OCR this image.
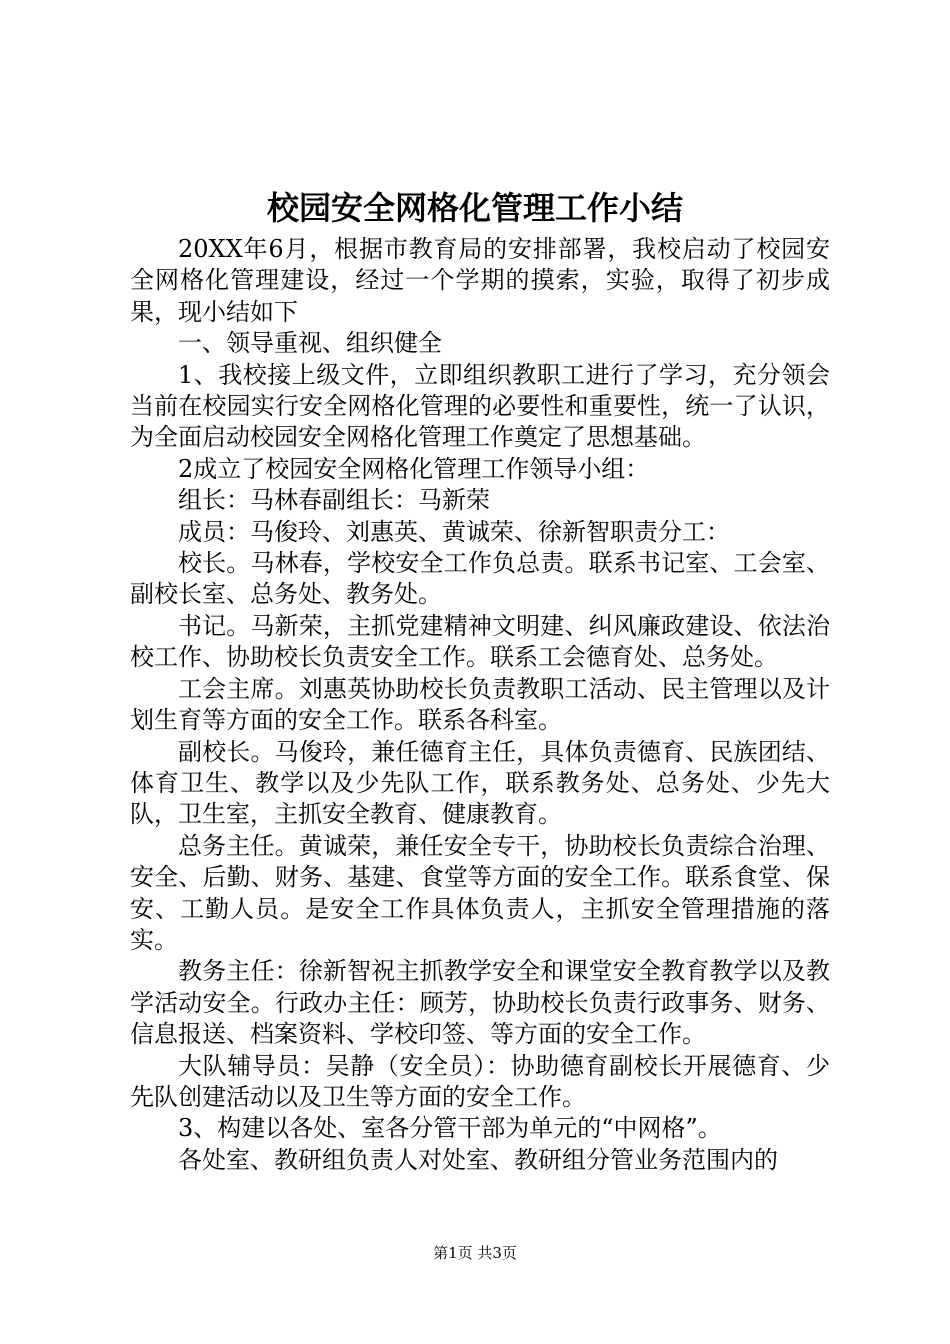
校园安全网格化管理工作小结

20XX年6月，根据市教育局的安排部署，我校启动了校园安全网格化管理建设，经过一个学期的摸索，实验，取得了初步成果，现小结如下

一、领导重视、组织健全

1、我校接上级文件，立即组织教职工进行了学习，充分领会当前在校园实行安全网格化管理的必要性和重要性，统一了认识，为全面启动校园安全网格化管理工作奠定了思想基础。

2成立了校园安全网格化管理工作领导小组：

组长：马林春副组长：马新荣

成员：马俊玲、刘惠英、黄诚荣、徐新智职责分工：

校长。马林春，学校安全工作负总责。联系书记室、工会室、副校长室、总务处、教务处。

书记。马新荣，主抓党建精神文明建、纠风廉政建设、依法治校工作、协助校长负责安全工作。联系工会德育处、总务处。

工会主席。刘惠英协助校长负责教职工活动、民主管理以及计划生育等方面的安全工作。联系各科室。

副校长。马俊玲，兼任德育主任，具体负责德育、民族团结、体育卫生、教学以及少先队工作，联系教务处、总务处、少先大队，卫生室，主抓安全教育、健康教育。

总务主任。黄诚荣，兼任安全专干，协助校长负责综合治理、安全、后勤、财务、基建、食堂等方面的安全工作。联系食堂、保安、工勤人员。是安全工作具体负责人，主抓安全管理措施的落实。

教务主任：徐新智祝主抓教学安全和课堂安全教育教学以及教学活动安全。行政办主任：顾芳，协助校长负责行政事务、财务、信息报送、档案资料、学校印签、等方面的安全工作。

大队辅导员：吴静（安全员）：协助德育副校长开展德育、少先队创建活动以及卫生等方面的安全工作。

3、构建以各处、室各分管干部为单元的“中网格”。

各处室、教研组负责人对处室、教研组分管业务范围内的

第1页 共3页
